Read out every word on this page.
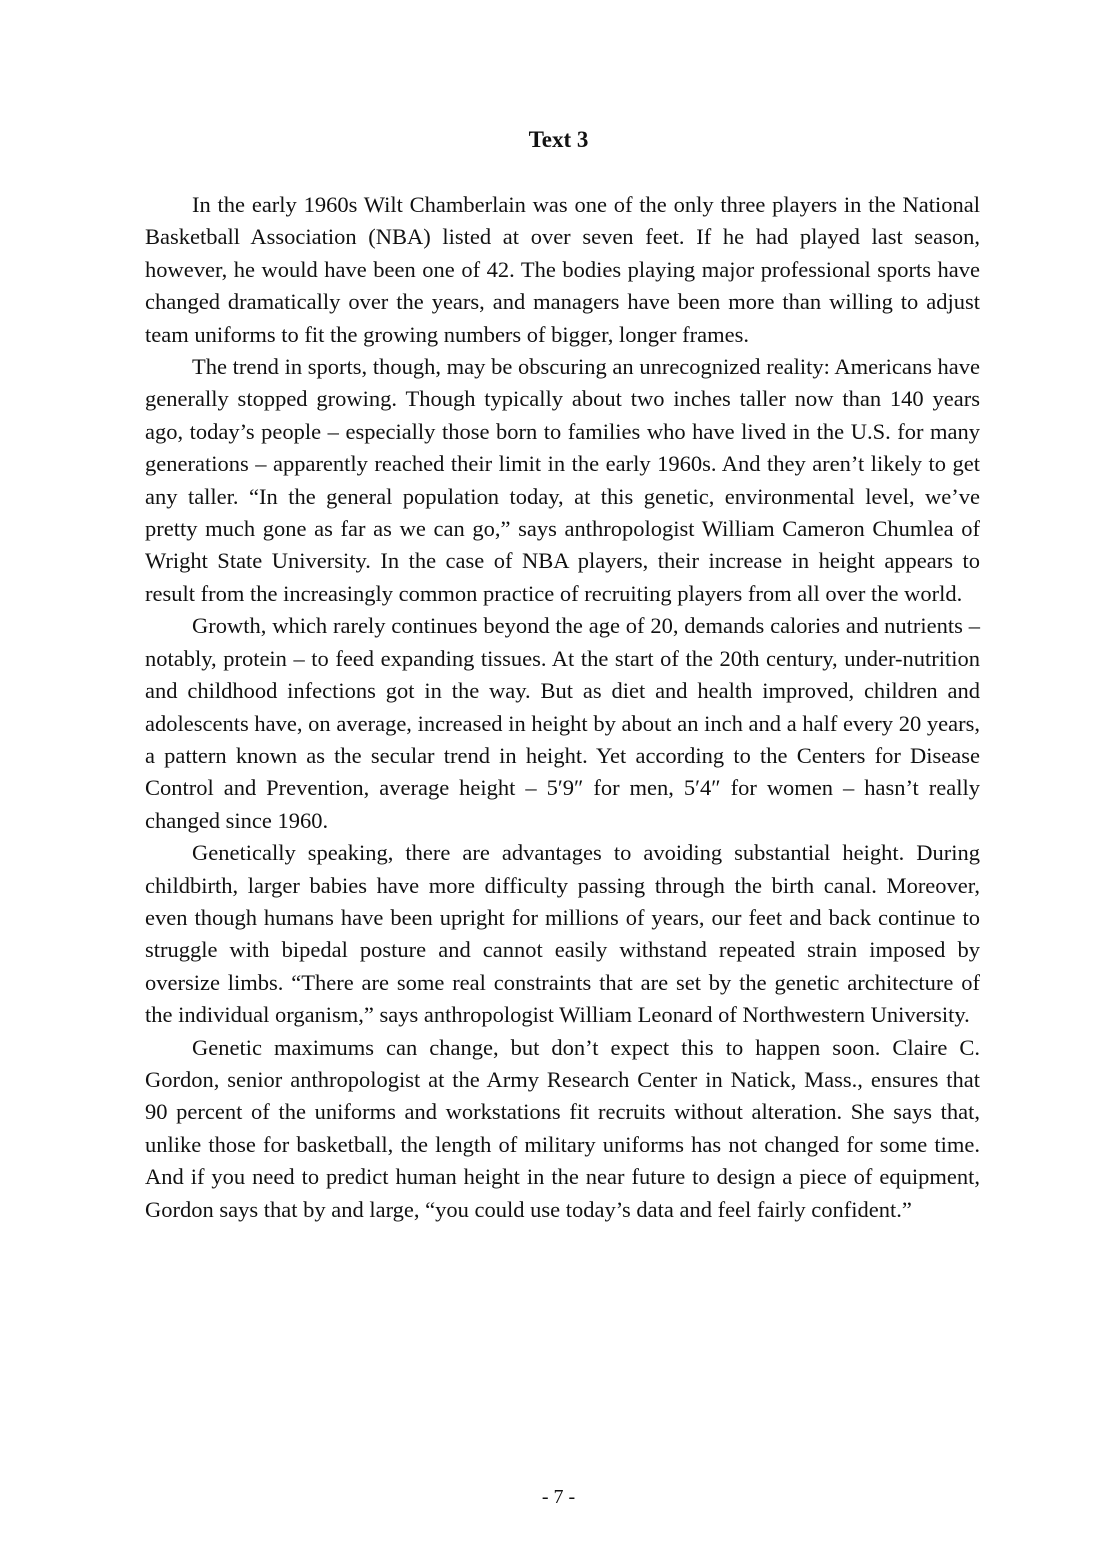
Text 3

In the early 1960s Wilt Chamberlain was one of the only three players in the National Basketball Association (NBA) listed at over seven feet. If he had played last season, however, he would have been one of 42. The bodies playing major professional sports have changed dramatically over the years, and managers have been more than willing to adjust team uniforms to fit the growing numbers of bigger, longer frames.

The trend in sports, though, may be obscuring an unrecognized reality: Americans have generally stopped growing. Though typically about two inches taller now than 140 years ago, today’s people – especially those born to families who have lived in the U.S. for many generations – apparently reached their limit in the early 1960s. And they aren’t likely to get any taller. “In the general population today, at this genetic, environmental level, we’ve pretty much gone as far as we can go,” says anthropologist William Cameron Chumlea of Wright State University. In the case of NBA players, their increase in height appears to result from the increasingly common practice of recruiting players from all over the world.

Growth, which rarely continues beyond the age of 20, demands calories and nutrients – notably, protein – to feed expanding tissues. At the start of the 20th century, under-nutrition and childhood infections got in the way. But as diet and health improved, children and adolescents have, on average, increased in height by about an inch and a half every 20 years, a pattern known as the secular trend in height. Yet according to the Centers for Disease Control and Prevention, average height – 5′9″ for men, 5′4″ for women – hasn’t really changed since 1960.

Genetically speaking, there are advantages to avoiding substantial height. During childbirth, larger babies have more difficulty passing through the birth canal. Moreover, even though humans have been upright for millions of years, our feet and back continue to struggle with bipedal posture and cannot easily withstand repeated strain imposed by oversize limbs. “There are some real constraints that are set by the genetic architecture of the individual organism,” says anthropologist William Leonard of Northwestern University.

Genetic maximums can change, but don’t expect this to happen soon. Claire C. Gordon, senior anthropologist at the Army Research Center in Natick, Mass., ensures that 90 percent of the uniforms and workstations fit recruits without alteration. She says that, unlike those for basketball, the length of military uniforms has not changed for some time. And if you need to predict human height in the near future to design a piece of equipment, Gordon says that by and large, “you could use today’s data and feel fairly confident.”

- 7 -
